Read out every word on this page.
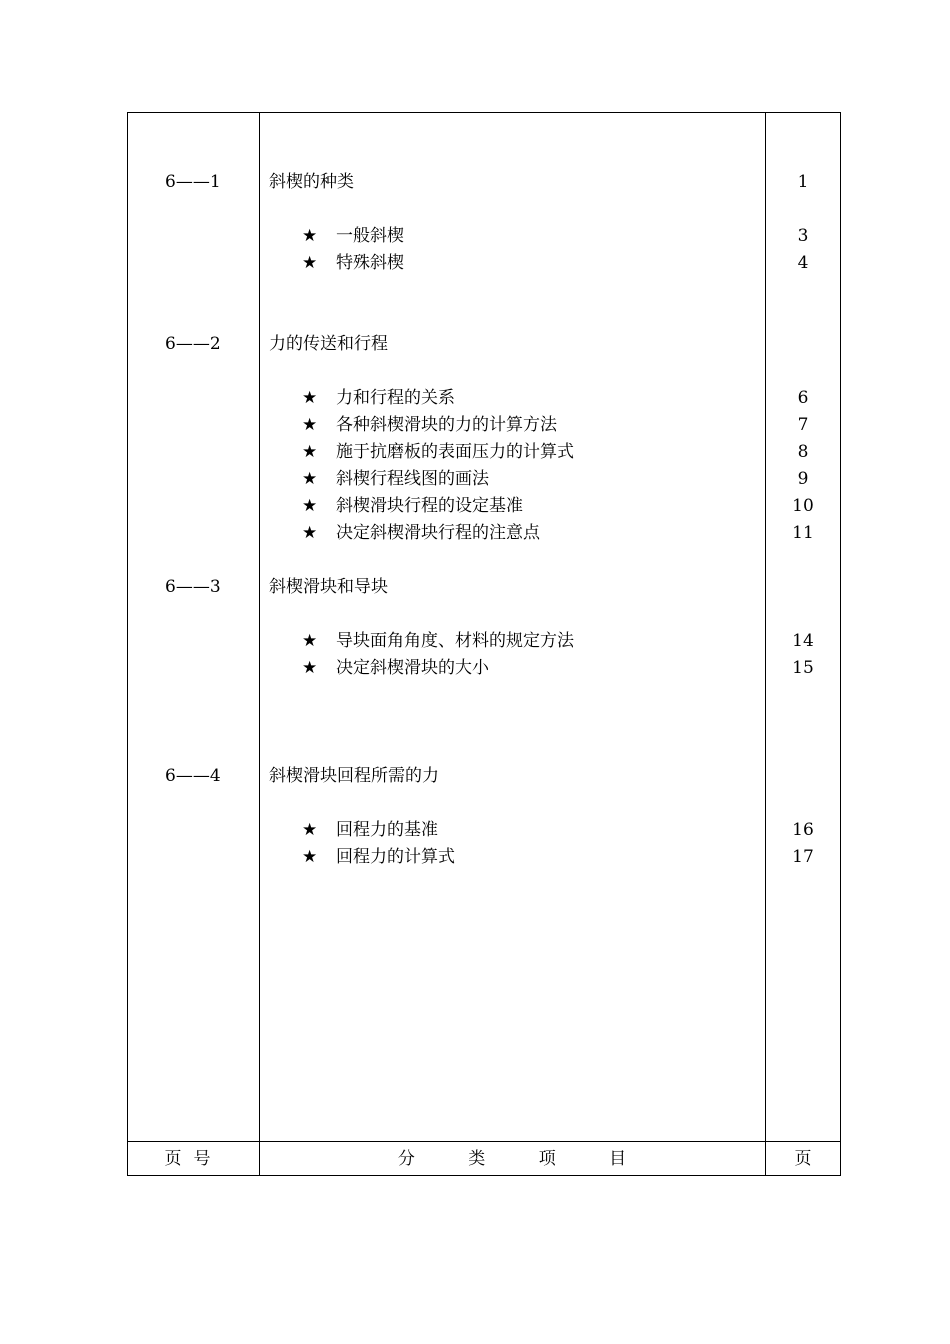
6——1	斜楔的种类	1
★ 一般斜楔	3
★ 特殊斜楔	4
6——2	力的传送和行程
★ 力和行程的关系	6
★ 各种斜楔滑块的力的计算方法	7
★ 施于抗磨板的表面压力的计算式	8
★ 斜楔行程线图的画法	9
★ 斜楔滑块行程的设定基准	10
★ 决定斜楔滑块行程的注意点	11
6——3	斜楔滑块和导块
★ 导块面角角度、材料的规定方法	14
★ 决定斜楔滑块的大小	15
6——4	斜楔滑块回程所需的力
★ 回程力的基准	16
★ 回程力的计算式	17
页号	分 类 项 目	页
